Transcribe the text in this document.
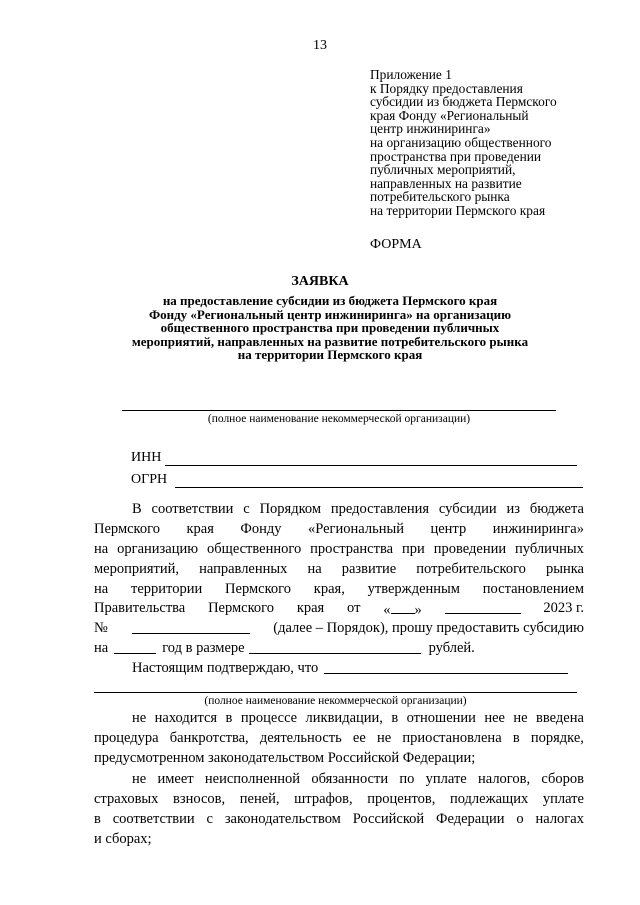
13
Приложение 1
к Порядку предоставления
субсидии из бюджета Пермского
края Фонду «Региональный
центр инжиниринга»
на организацию общественного
пространства при проведении
публичных мероприятий,
направленных на развитие
потребительского рынка
на территории Пермского края
ФОРМА
ЗАЯВКА
на предоставление субсидии из бюджета Пермского края
Фонду «Региональный центр инжиниринга» на организацию
общественного пространства при проведении публичных
мероприятий, направленных на развитие потребительского рынка
на территории Пермского края
(полное наименование некоммерческой организации)
ИНН
ОГРН
В соответствии с Порядком предоставления субсидии из бюджета
Пермского края Фонду «Региональный центр инжиниринга»
на организацию общественного пространства при проведении публичных
мероприятий, направленных на развитие потребительского рынка
на территории Пермского края, утвержденным постановлением
Правительства Пермского края от « »	2023 г.
№	(далее – Порядок), прошу предоставить субсидию
на	год в размере	рублей.
Настоящим подтверждаю, что
(полное наименование некоммерческой организации)
не находится в процессе ликвидации, в отношении нее не введена
процедура банкротства, деятельность ее не приостановлена в порядке,
предусмотренном законодательством Российской Федерации;
не имеет неисполненной обязанности по уплате налогов, сборов
страховых взносов, пеней, штрафов, процентов, подлежащих уплате
в соответствии с законодательством Российской Федерации о налогах
и сборах;
